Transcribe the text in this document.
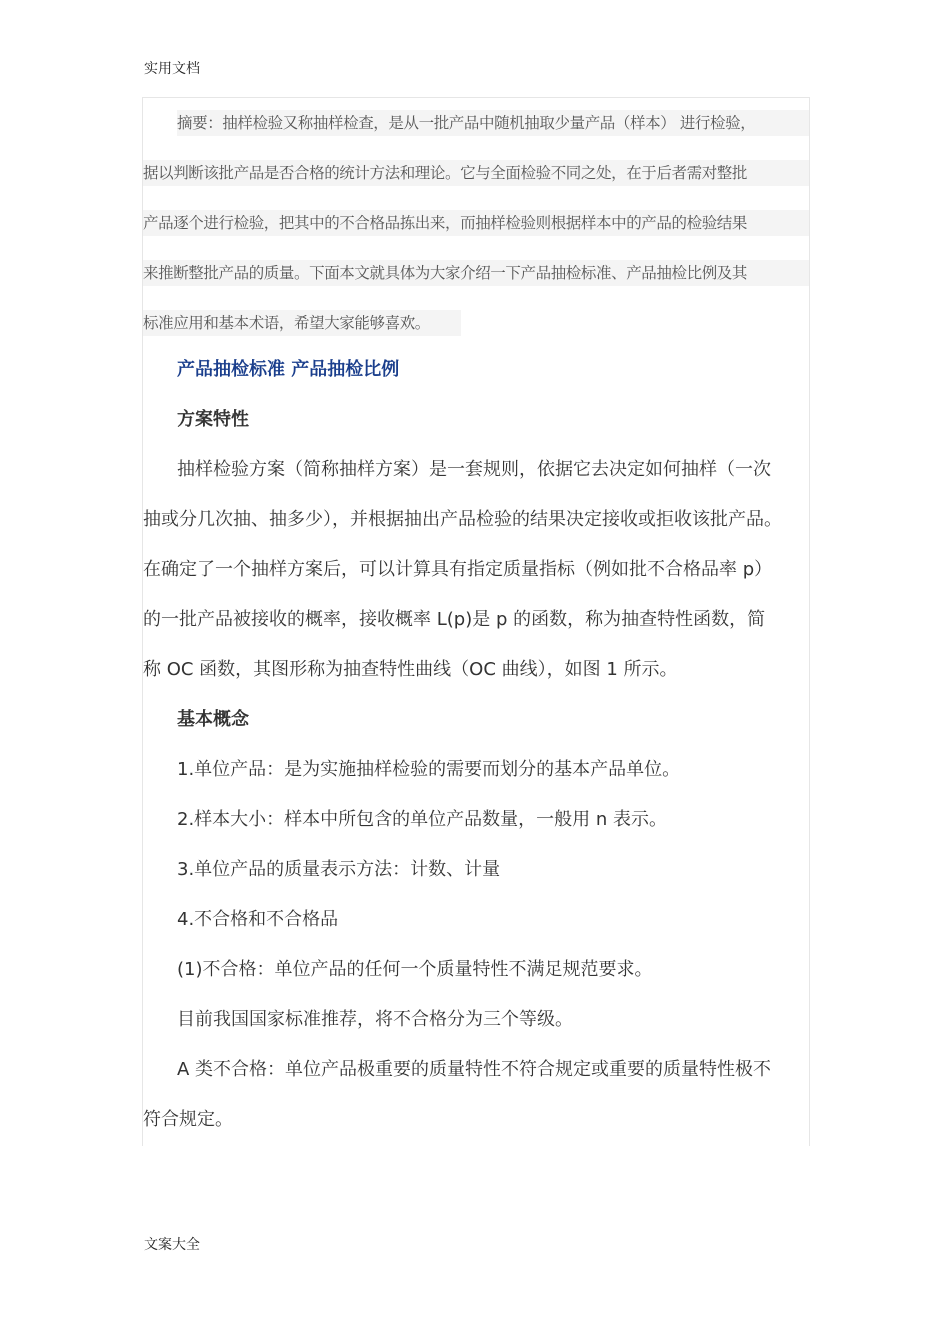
实用文档
摘要：抽样检验又称抽样检查，是从一批产品中随机抽取少量产品（样本） 进行检验，
据以判断该批产品是否合格的统计方法和理论。它与全面检验不同之处，在于后者需对整批
产品逐个进行检验，把其中的不合格品拣出来，而抽样检验则根据样本中的产品的检验结果
来推断整批产品的质量。下面本文就具体为大家介绍一下产品抽检标准、产品抽检比例及其
标准应用和基本术语，希望大家能够喜欢。
产品抽检标准 产品抽检比例
方案特性
抽样检验方案（简称抽样方案）是一套规则，依据它去决定如何抽样（一次
抽或分几次抽、抽多少），并根据抽出产品检验的结果决定接收或拒收该批产品。
在确定了一个抽样方案后，可以计算具有指定质量指标（例如批不合格品率 p）
的一批产品被接收的概率，接收概率 L(p)是 p 的函数，称为抽查特性函数，简
称 OC 函数，其图形称为抽查特性曲线（OC 曲线），如图 1 所示。
基本概念
1.单位产品：是为实施抽样检验的需要而划分的基本产品单位。
2.样本大小：样本中所包含的单位产品数量，一般用 n 表示。
3.单位产品的质量表示方法：计数、计量
4.不合格和不合格品
(1)不合格：单位产品的任何一个质量特性不满足规范要求。
目前我国国家标准推荐，将不合格分为三个等级。
A 类不合格：单位产品极重要的质量特性不符合规定或重要的质量特性极不
符合规定。
文案大全
